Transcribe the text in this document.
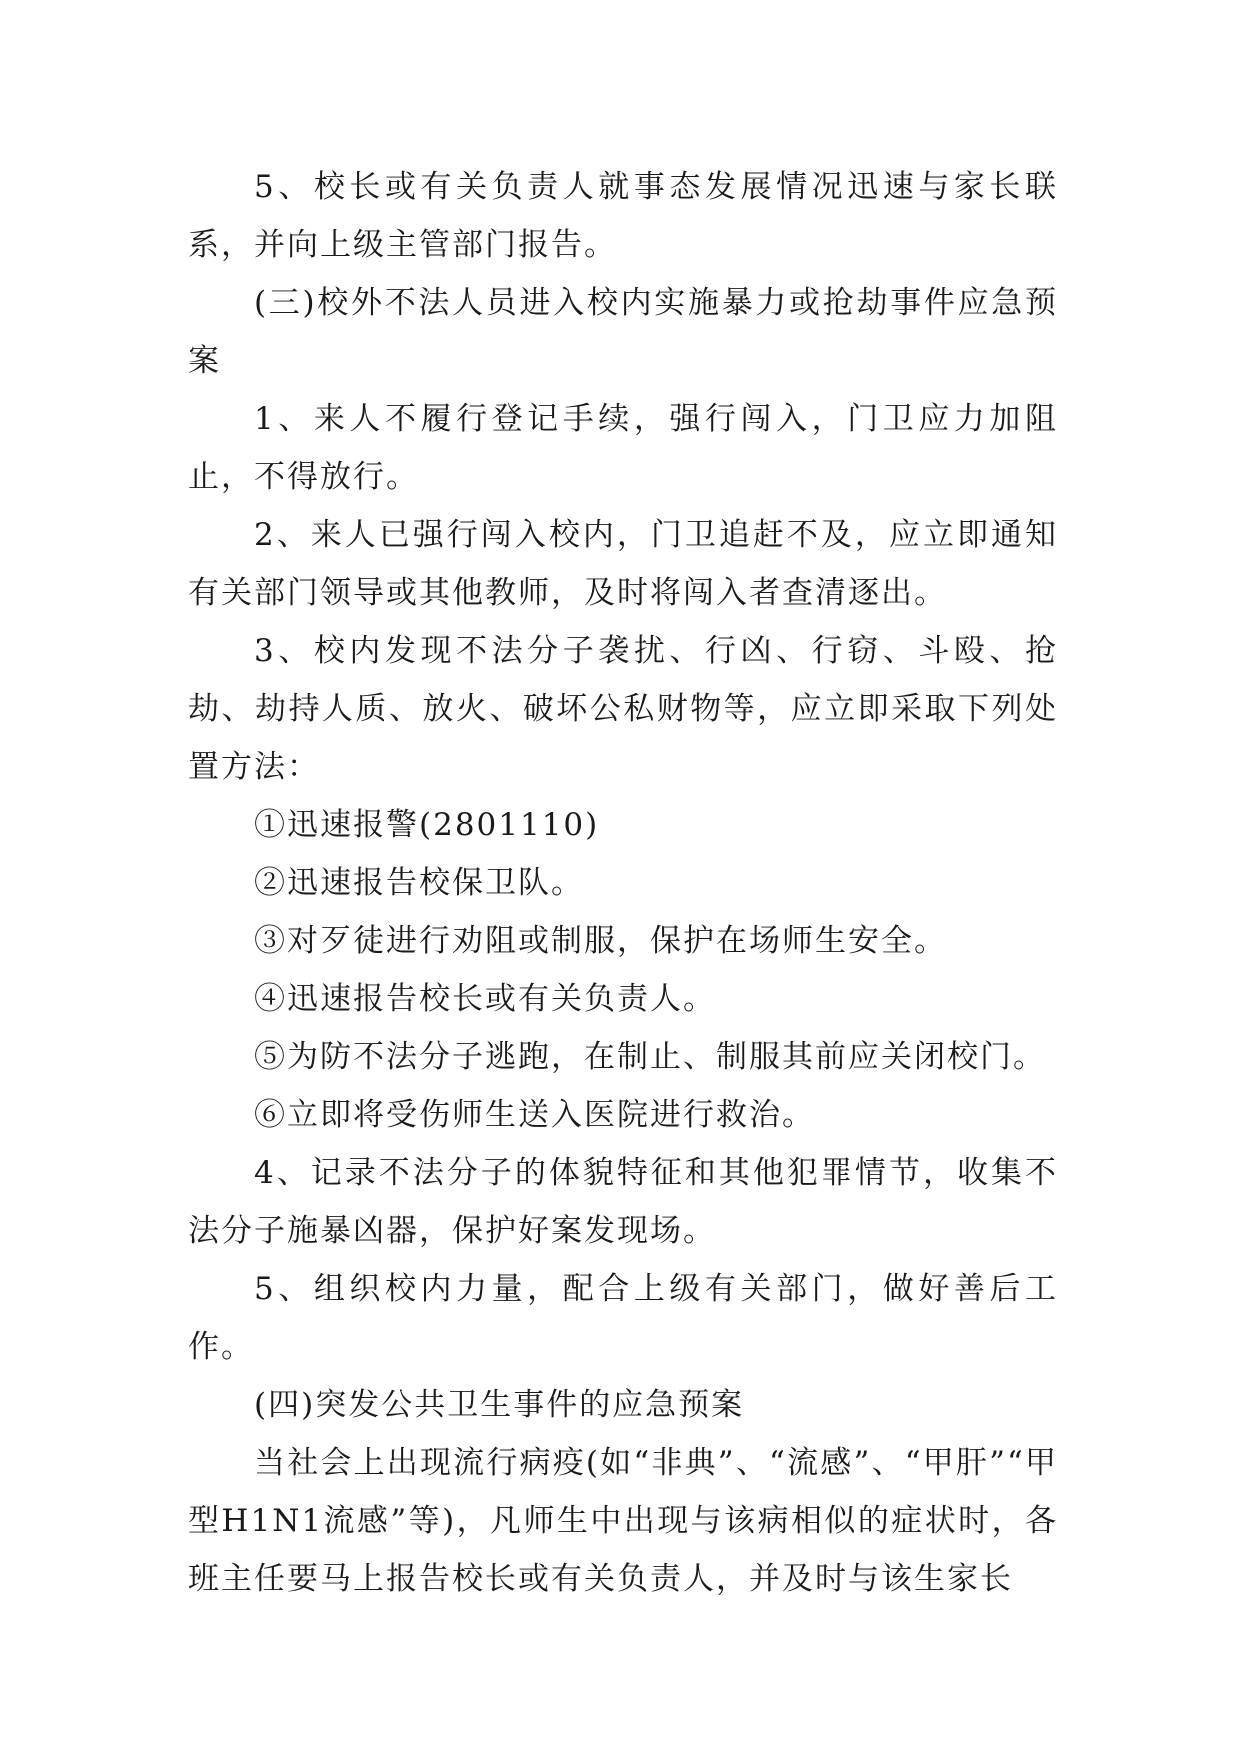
5、校长或有关负责人就事态发展情况迅速与家长联系，并向上级主管部门报告。

(三)校外不法人员进入校内实施暴力或抢劫事件应急预案

1、来人不履行登记手续，强行闯入，门卫应力加阻止，不得放行。

2、来人已强行闯入校内，门卫追赶不及，应立即通知有关部门领导或其他教师，及时将闯入者查清逐出。

3、校内发现不法分子袭扰、行凶、行窃、斗殴、抢劫、劫持人质、放火、破坏公私财物等，应立即采取下列处置方法：

①迅速报警(2801110)

②迅速报告校保卫队。

③对歹徒进行劝阻或制服，保护在场师生安全。

④迅速报告校长或有关负责人。

⑤为防不法分子逃跑，在制止、制服其前应关闭校门。

⑥立即将受伤师生送入医院进行救治。

4、记录不法分子的体貌特征和其他犯罪情节，收集不法分子施暴凶器，保护好案发现场。

5、组织校内力量，配合上级有关部门，做好善后工作。

(四)突发公共卫生事件的应急预案

当社会上出现流行病疫(如“非典”、“流感”、“甲肝”“甲型H1N1流感”等)，凡师生中出现与该病相似的症状时，各班主任要马上报告校长或有关负责人，并及时与该生家长
